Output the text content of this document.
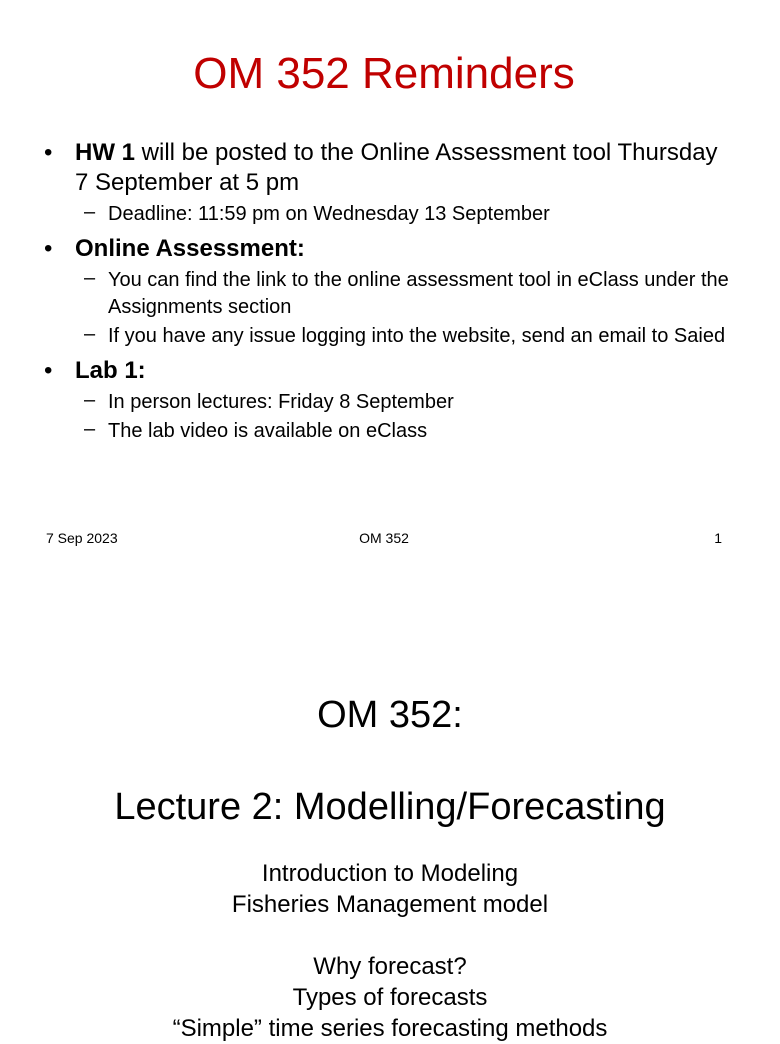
OM 352 Reminders
• HW 1 will be posted to the Online Assessment tool Thursday 7 September at 5 pm
– Deadline: 11:59 pm on Wednesday 13 September
• Online Assessment:
– You can find the link to the online assessment tool in eClass under the Assignments section
– If you have any issue logging into the website, send an email to Saied
• Lab 1:
– In person lectures: Friday 8 September
– The lab video is available on eClass
7 Sep 2023	OM 352	1
OM 352:
Lecture 2: Modelling/Forecasting
Introduction to Modeling
Fisheries Management model
Why forecast?
Types of forecasts
“Simple” time series forecasting methods
